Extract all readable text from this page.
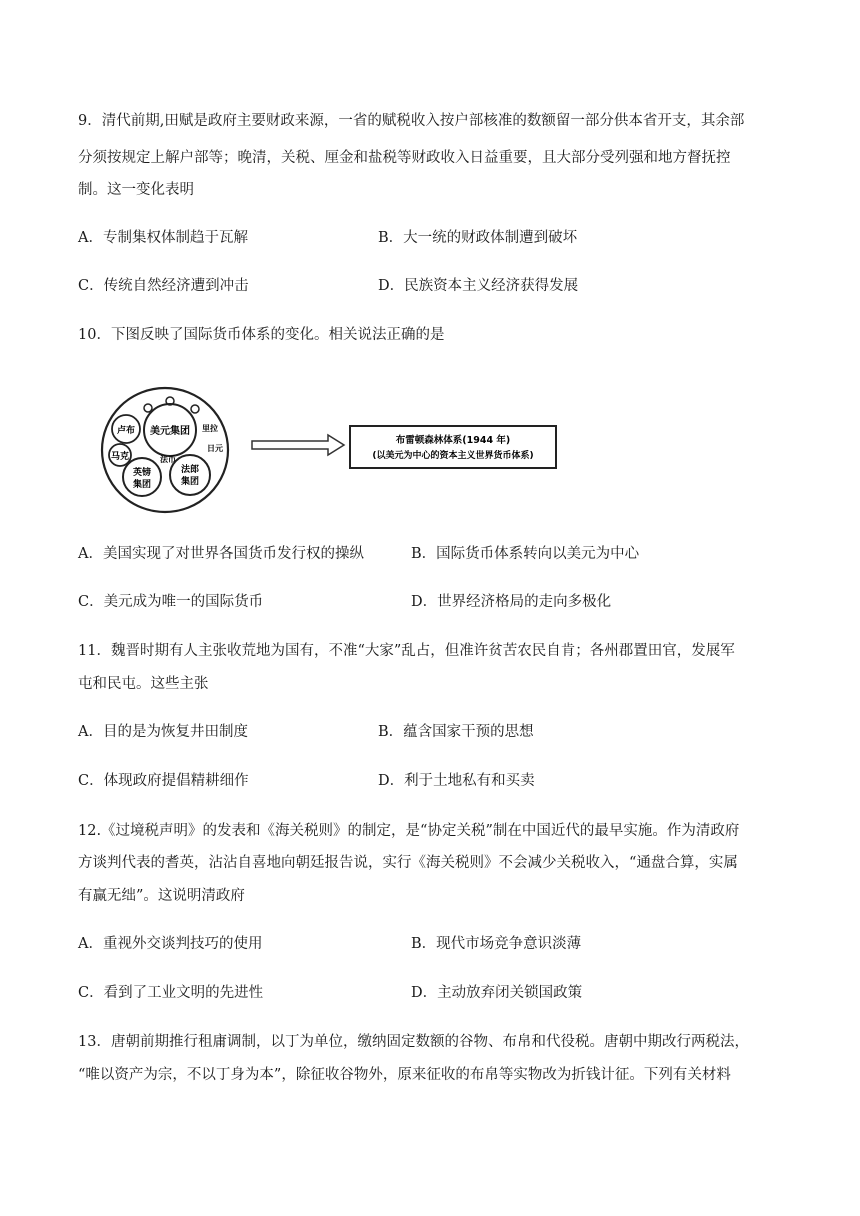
9．清代前期,田赋是政府主要财政来源，一省的赋税收入按户部核准的数额留一部分供本省开支，其余部
分须按规定上解户部等；晚清，关税、厘金和盐税等财政收入日益重要，且大部分受列强和地方督抚控
制。这一变化表明
A．专制集权体制趋于瓦解	B．大一统的财政体制遭到破坏
C．传统自然经济遭到冲击	D．民族资本主义经济获得发展
10．下图反映了国际货币体系的变化。相关说法正确的是
美元集团
卢布	里拉
马克	法币
日元
英镑
集团
法郎
集团
布雷顿森林体系(1944 年)
(以美元为中心的资本主义世界货币体系)
A．美国实现了对世界各国货币发行权的操纵	B．国际货币体系转向以美元为中心
C．美元成为唯一的国际货币	D．世界经济格局的走向多极化
11．魏晋时期有人主张收荒地为国有，不准“大家”乱占，但准许贫苦农民自肯；各州郡置田官，发展军
屯和民屯。这些主张
A．目的是为恢复井田制度	B．蕴含国家干预的思想
C．体现政府提倡精耕细作	D．利于土地私有和买卖
12.《过境税声明》的发表和《海关税则》的制定，是“协定关税”制在中国近代的最早实施。作为清政府
方谈判代表的耆英，沾沾自喜地向朝廷报告说，实行《海关税则》不会减少关税收入，“通盘合算，实属
有赢无绌”。这说明清政府
A．重视外交谈判技巧的使用	B．现代市场竞争意识淡薄
C．看到了工业文明的先进性	D．主动放弃闭关锁国政策
13．唐朝前期推行租庸调制，以丁为单位，缴纳固定数额的谷物、布帛和代役税。唐朝中期改行两税法，
“唯以资产为宗，不以丁身为本”，除征收谷物外，原来征收的布帛等实物改为折钱计征。下列有关材料
